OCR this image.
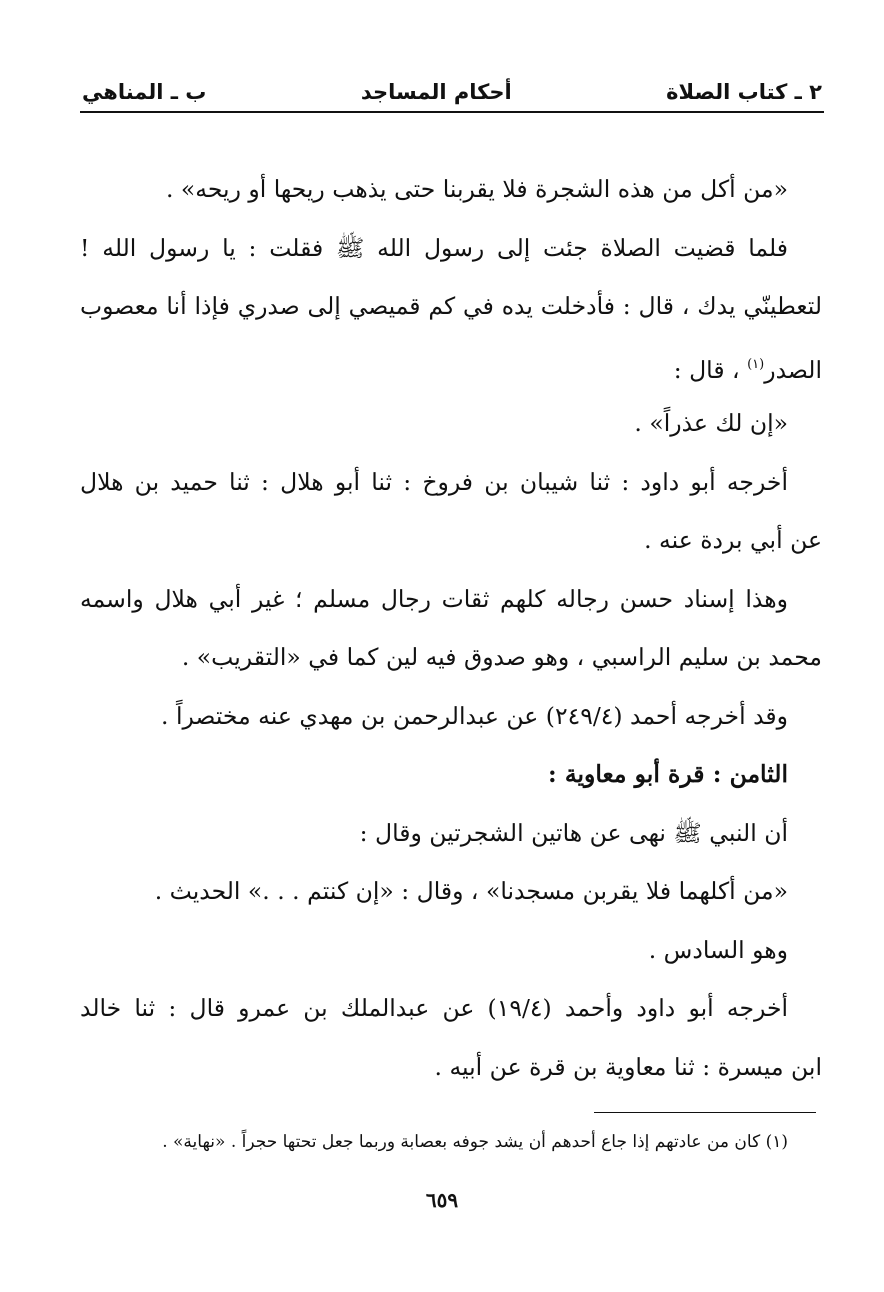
٢ ـ كتاب الصلاة
أحكام المساجد
ب ـ المناهي
«من أكل من هذه الشجرة فلا يقربنا حتى يذهب ريحها أو ريحه» .
فلما قضيت الصلاة جئت إلى رسول الله ﷺ فقلت : يا رسول الله !
لتعطينّي يدك ، قال : فأدخلت يده في كم قميصي إلى صدري فإذا أنا معصوب
الصدر$^{(١)}$ ، قال :
«إن لك عذراً» .
أخرجه أبو داود : ثنا شيبان بن فروخ : ثنا أبو هلال : ثنا حميد بن هلال
عن أبي بردة عنه .
وهذا إسناد حسن رجاله كلهم ثقات رجال مسلم ؛ غير أبي هلال واسمه
محمد بن سليم الراسبي ، وهو صدوق فيه لين كما في «التقريب» .
وقد أخرجه أحمد (٢٤٩/٤) عن عبدالرحمن بن مهدي عنه مختصراً .
الثامن : قرة أبو معاوية :
أن النبي ﷺ نهى عن هاتين الشجرتين وقال :
«من أكلهما فلا يقربن مسجدنا» ، وقال : «إن كنتم . . .» الحديث .
وهو السادس .
أخرجه أبو داود وأحمد (١٩/٤) عن عبدالملك بن عمرو قال : ثنا خالد
ابن ميسرة : ثنا معاوية بن قرة عن أبيه .
(١) كان من عادتهم إذا جاع أحدهم أن يشد جوفه بعصابة وربما جعل تحتها حجراً . «نهاية» .
٦٥٩
